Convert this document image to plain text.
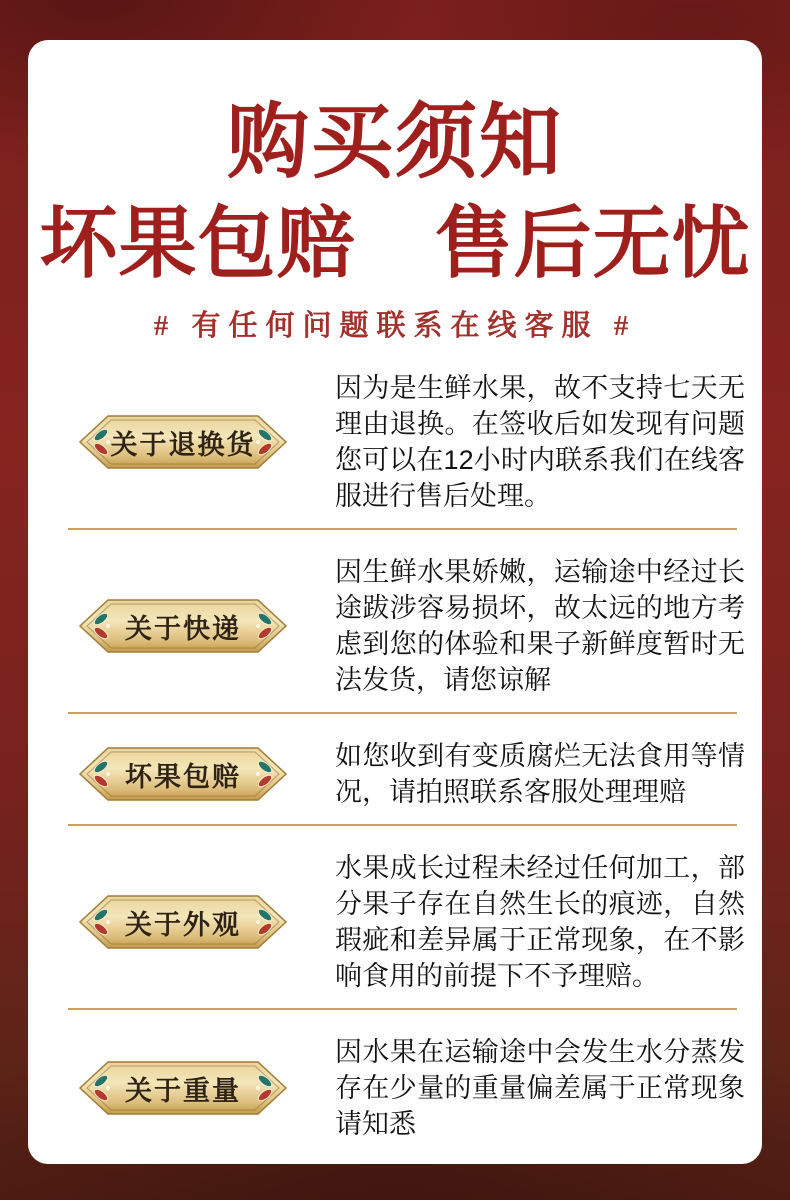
购买须知
坏果包赔　售后无忧

# 有任何问题联系在线客服 #

关于退换货

因为是生鲜水果，故不支持七天无理由退换。在签收后如发现有问题您可以在12小时内联系我们在线客服进行售后处理。

关于快递

因生鲜水果娇嫩，运输途中经过长途跋涉容易损坏，故太远的地方考虑到您的体验和果子新鲜度暂时无法发货，请您谅解

坏果包赔

如您收到有变质腐烂无法食用等情况，请拍照联系客服处理理赔

关于外观

水果成长过程未经过任何加工，部分果子存在自然生长的痕迹，自然瑕疵和差异属于正常现象，在不影响食用的前提下不予理赔。

关于重量

因水果在运输途中会发生水分蒸发存在少量的重量偏差属于正常现象请知悉
